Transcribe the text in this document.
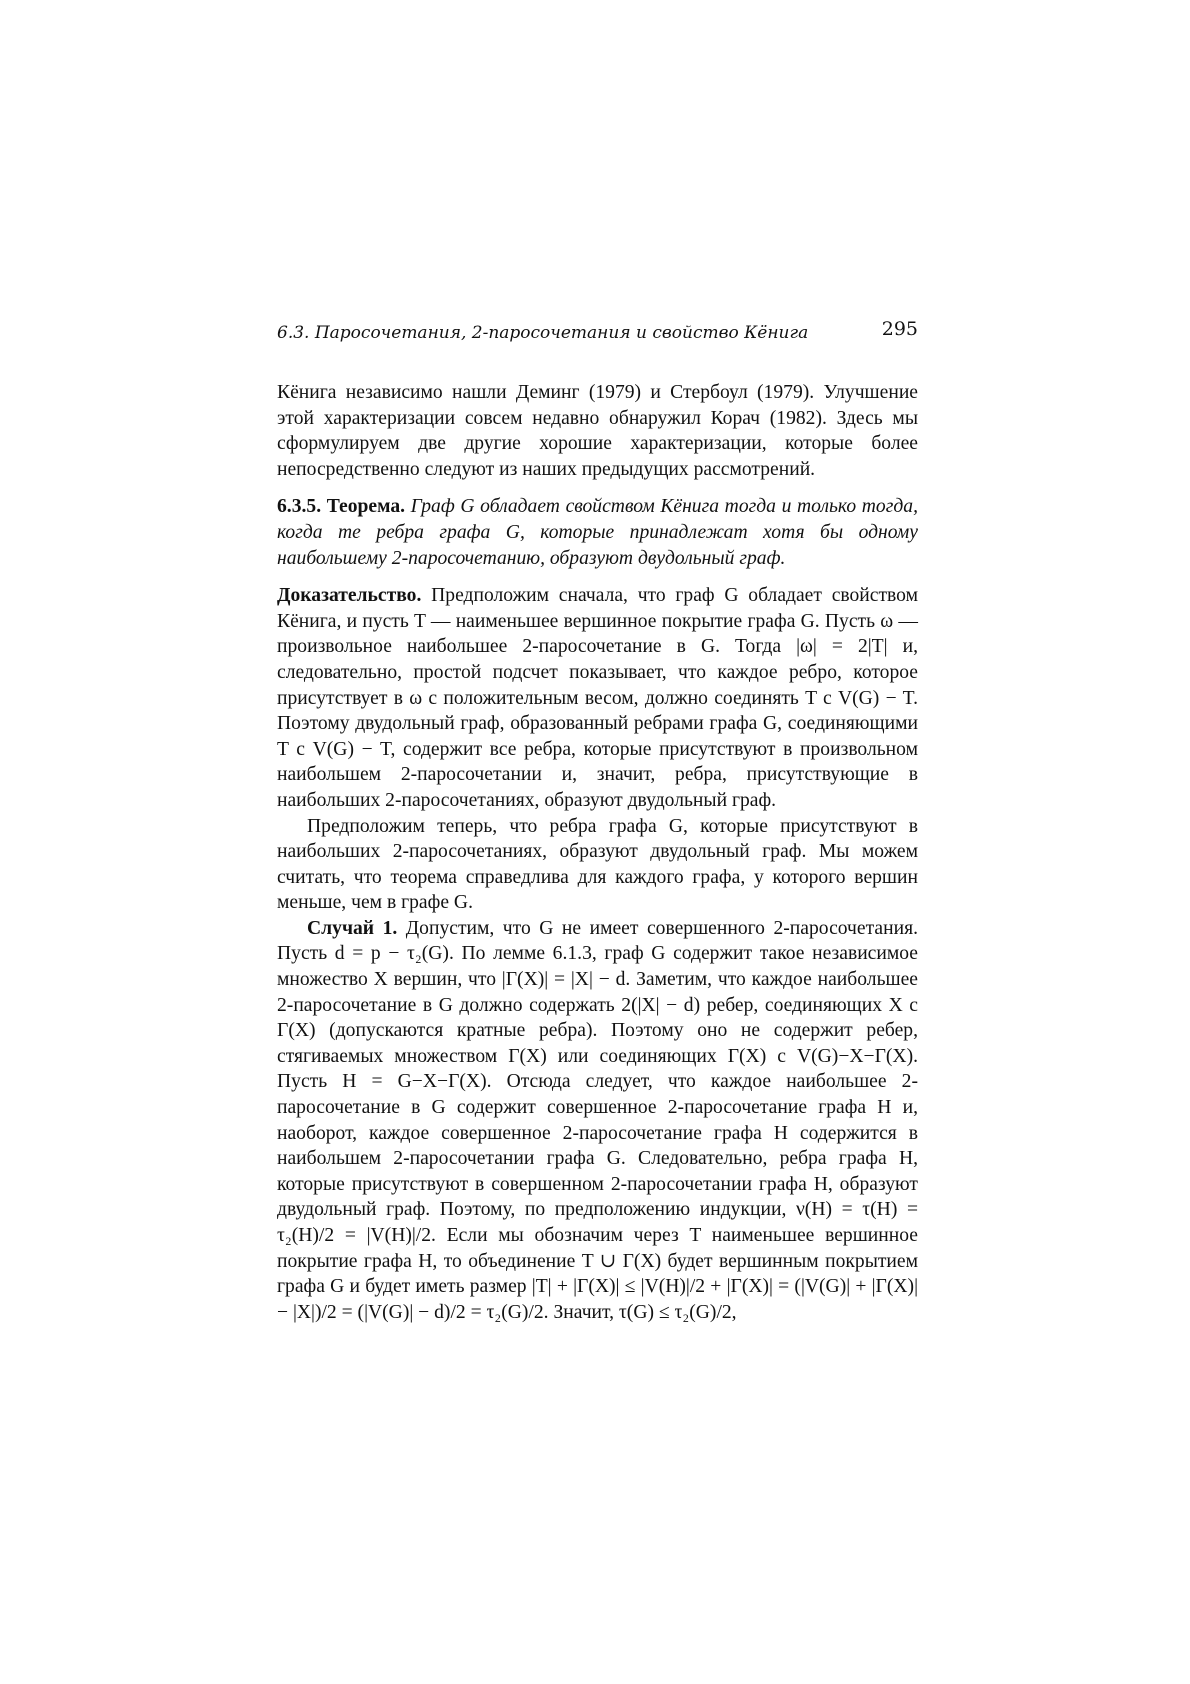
6.3. Паросочетания, 2-паросочетания и свойство Кёнига	295

Кёнига независимо нашли Деминг (1979) и Стербоул (1979). Улучшение этой характеризации совсем недавно обнаружил Корач (1982). Здесь мы сформулируем две другие хорошие характеризации, которые более непосредственно следуют из наших предыдущих рассмотрений.

6.3.5. Теорема. Граф G обладает свойством Кёнига тогда и только тогда, когда те ребра графа G, которые принадлежат хотя бы одному наибольшему 2-паросочетанию, образуют двудольный граф.

Доказательство. Предположим сначала, что граф G обладает свойством Кёнига, и пусть T — наименьшее вершинное покрытие графа G. Пусть ω — произвольное наибольшее 2-паросочетание в G. Тогда |ω| = 2|T| и, следовательно, простой подсчет показывает, что каждое ребро, которое присутствует в ω с положительным весом, должно соединять T с V(G) − T. Поэтому двудольный граф, образованный ребрами графа G, соединяющими T с V(G) − T, содержит все ребра, которые присутствуют в произвольном наибольшем 2-паросочетании и, значит, ребра, присутствующие в наибольших 2-паросочетаниях, образуют двудольный граф.

Предположим теперь, что ребра графа G, которые присутствуют в наибольших 2-паросочетаниях, образуют двудольный граф. Мы можем считать, что теорема справедлива для каждого графа, у которого вершин меньше, чем в графе G.

Случай 1. Допустим, что G не имеет совершенного 2-паросочетания. Пусть d = p − τ₂(G). По лемме 6.1.3, граф G содержит такое независимое множество X вершин, что |Γ(X)| = |X| − d. Заметим, что каждое наибольшее 2-паросочетание в G должно содержать 2(|X| − d) ребер, соединяющих X с Γ(X) (допускаются кратные ребра). Поэтому оно не содержит ребер, стягиваемых множеством Γ(X) или соединяющих Γ(X) с V(G)−X−Γ(X). Пусть H = G−X−Γ(X). Отсюда следует, что каждое наибольшее 2-паросочетание в G содержит совершенное 2-паросочетание графа H и, наоборот, каждое совершенное 2-паросочетание графа H содержится в наибольшем 2-паросочетании графа G. Следовательно, ребра графа H, которые присутствуют в совершенном 2-паросочетании графа H, образуют двудольный граф. Поэтому, по предположению индукции, ν(H) = τ(H) = τ₂(H)/2 = |V(H)|/2. Если мы обозначим через T наименьшее вершинное покрытие графа H, то объединение T ∪ Γ(X) будет вершинным покрытием графа G и будет иметь размер |T| + |Γ(X)| ≤ |V(H)|/2 + |Γ(X)| = (|V(G)| + |Γ(X)| − |X|)/2 = (|V(G)| − d)/2 = τ₂(G)/2. Значит, τ(G) ≤ τ₂(G)/2,
